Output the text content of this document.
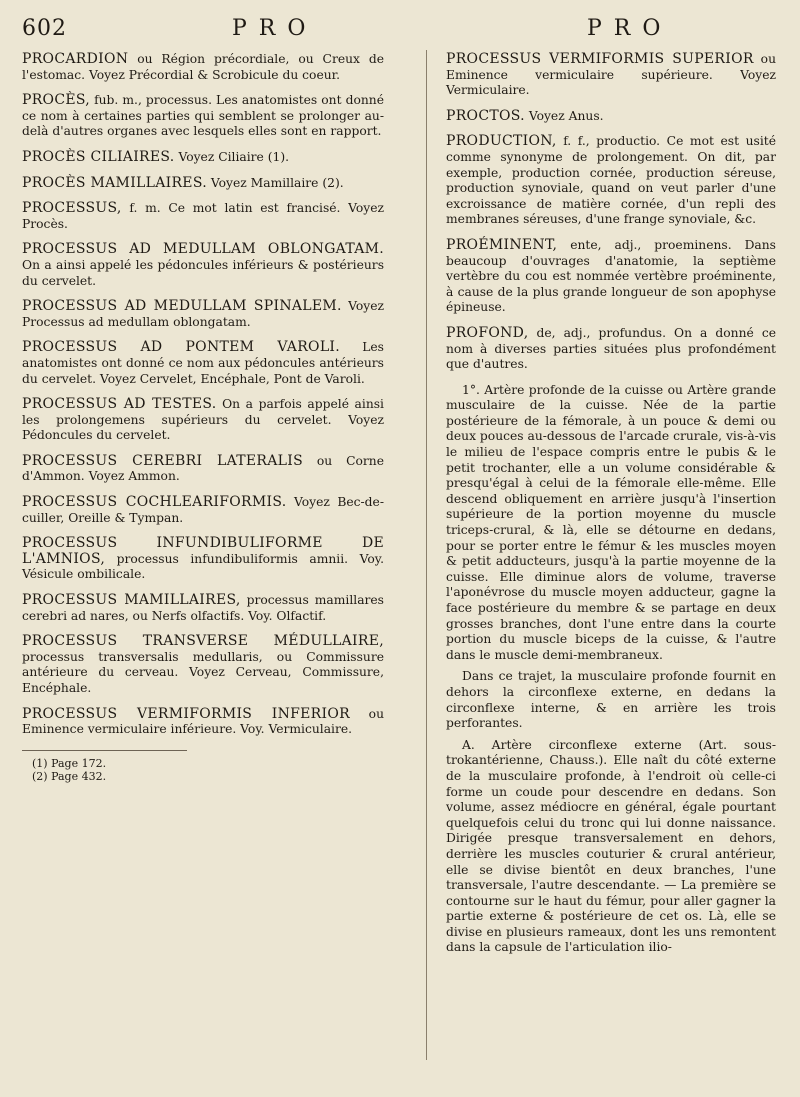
602	PRO	PRO

PROCARDION ou Région précordiale, ou Creux de l'estomac. Voyez Précordial & Scrobicule du coeur.

PROCÈS, fub. m., processus. Les anatomistes ont donné ce nom à certaines parties qui semblent se prolonger au-delà d'autres organes avec lesquels elles sont en rapport.

PROCÈS CILIAIRES. Voyez Ciliaire (1).

PROCÈS MAMILLAIRES. Voyez Mamillaire (2).

PROCESSUS, f. m. Ce mot latin est francisé. Voyez Procès.

PROCESSUS AD MEDULLAM OBLONGATAM. On a ainsi appelé les pédoncules inférieurs & postérieurs du cervelet.

PROCESSUS AD MEDULLAM SPINALEM. Voyez Processus ad medullam oblongatam.

PROCESSUS AD PONTEM VAROLI. Les anatomistes ont donné ce nom aux pédoncules antérieurs du cervelet. Voyez Cervelet, Encéphale, Pont de Varoli.

PROCESSUS AD TESTES. On a parfois appelé ainsi les prolongemens supérieurs du cervelet. Voyez Pédoncules du cervelet.

PROCESSUS CEREBRI LATERALIS ou Corne d'Ammon. Voyez Ammon.

PROCESSUS COCHLEARIFORMIS. Voyez Bec-de-cuiller, Oreille & Tympan.

PROCESSUS INFUNDIBULIFORME DE L'AMNIOS, processus infundibuliformis amnii. Voy. Vésicule ombilicale.

PROCESSUS MAMILLAIRES, processus mamillares cerebri ad nares, ou Nerfs olfactifs. Voy. Olfactif.

PROCESSUS TRANSVERSE MÉDULLAIRE, processus transversalis medullaris, ou Commissure antérieure du cerveau. Voyez Cerveau, Commissure, Encéphale.

PROCESSUS VERMIFORMIS INFERIOR ou Eminence vermiculaire inférieure. Voy. Vermiculaire.

(1) Page 172.
(2) Page 432.

PROCESSUS VERMIFORMIS SUPERIOR ou Eminence vermiculaire supérieure. Voyez Vermiculaire.

PROCTOS. Voyez Anus.

PRODUCTION, f. f., productio. Ce mot est usité comme synonyme de prolongement. On dit, par exemple, production cornée, production séreuse, production synoviale, quand on veut parler d'une excroissance de matière cornée, d'un repli des membranes séreuses, d'une frange synoviale, &c.

PROÉMINENT, ente, adj., proeminens. Dans beaucoup d'ouvrages d'anatomie, la septième vertèbre du cou est nommée vertèbre proéminente, à cause de la plus grande longueur de son apophyse épineuse.

PROFOND, de, adj., profundus. On a donné ce nom à diverses parties situées plus profondément que d'autres.

1°. Artère profonde de la cuisse ou Artère grande musculaire de la cuisse. Née de la partie postérieure de la fémorale, à un pouce & demi ou deux pouces au-dessous de l'arcade crurale, vis-à-vis le milieu de l'espace compris entre le pubis & le petit trochanter, elle a un volume considérable & presqu'égal à celui de la fémorale elle-même. Elle descend obliquement en arrière jusqu'à l'insertion supérieure de la portion moyenne du muscle triceps-crural, & là, elle se détourne en dedans, pour se porter entre le fémur & les muscles moyen & petit adducteurs, jusqu'à la partie moyenne de la cuisse. Elle diminue alors de volume, traverse l'aponévrose du muscle moyen adducteur, gagne la face postérieure du membre & se partage en deux grosses branches, dont l'une entre dans la courte portion du muscle biceps de la cuisse, & l'autre dans le muscle demi-membraneux.

Dans ce trajet, la musculaire profonde fournit en dehors la circonflexe externe, en dedans la circonflexe interne, & en arrière les trois perforantes.

A. Artère circonflexe externe (Art. sous-trokantérienne, Chauss.). Elle naît du côté externe de la musculaire profonde, à l'endroit où celle-ci forme un coude pour descendre en dedans. Son volume, assez médiocre en général, égale pourtant quelquefois celui du tronc qui lui donne naissance. Dirigée presque transversalement en dehors, derrière les muscles couturier & crural antérieur, elle se divise bientôt en deux branches, l'une transversale, l'autre descendante. — La première se contourne sur le haut du fémur, pour aller gagner la partie externe & postérieure de cet os. Là, elle se divise en plusieurs rameaux, dont les uns remontent dans la capsule de l'articulation ilio-
